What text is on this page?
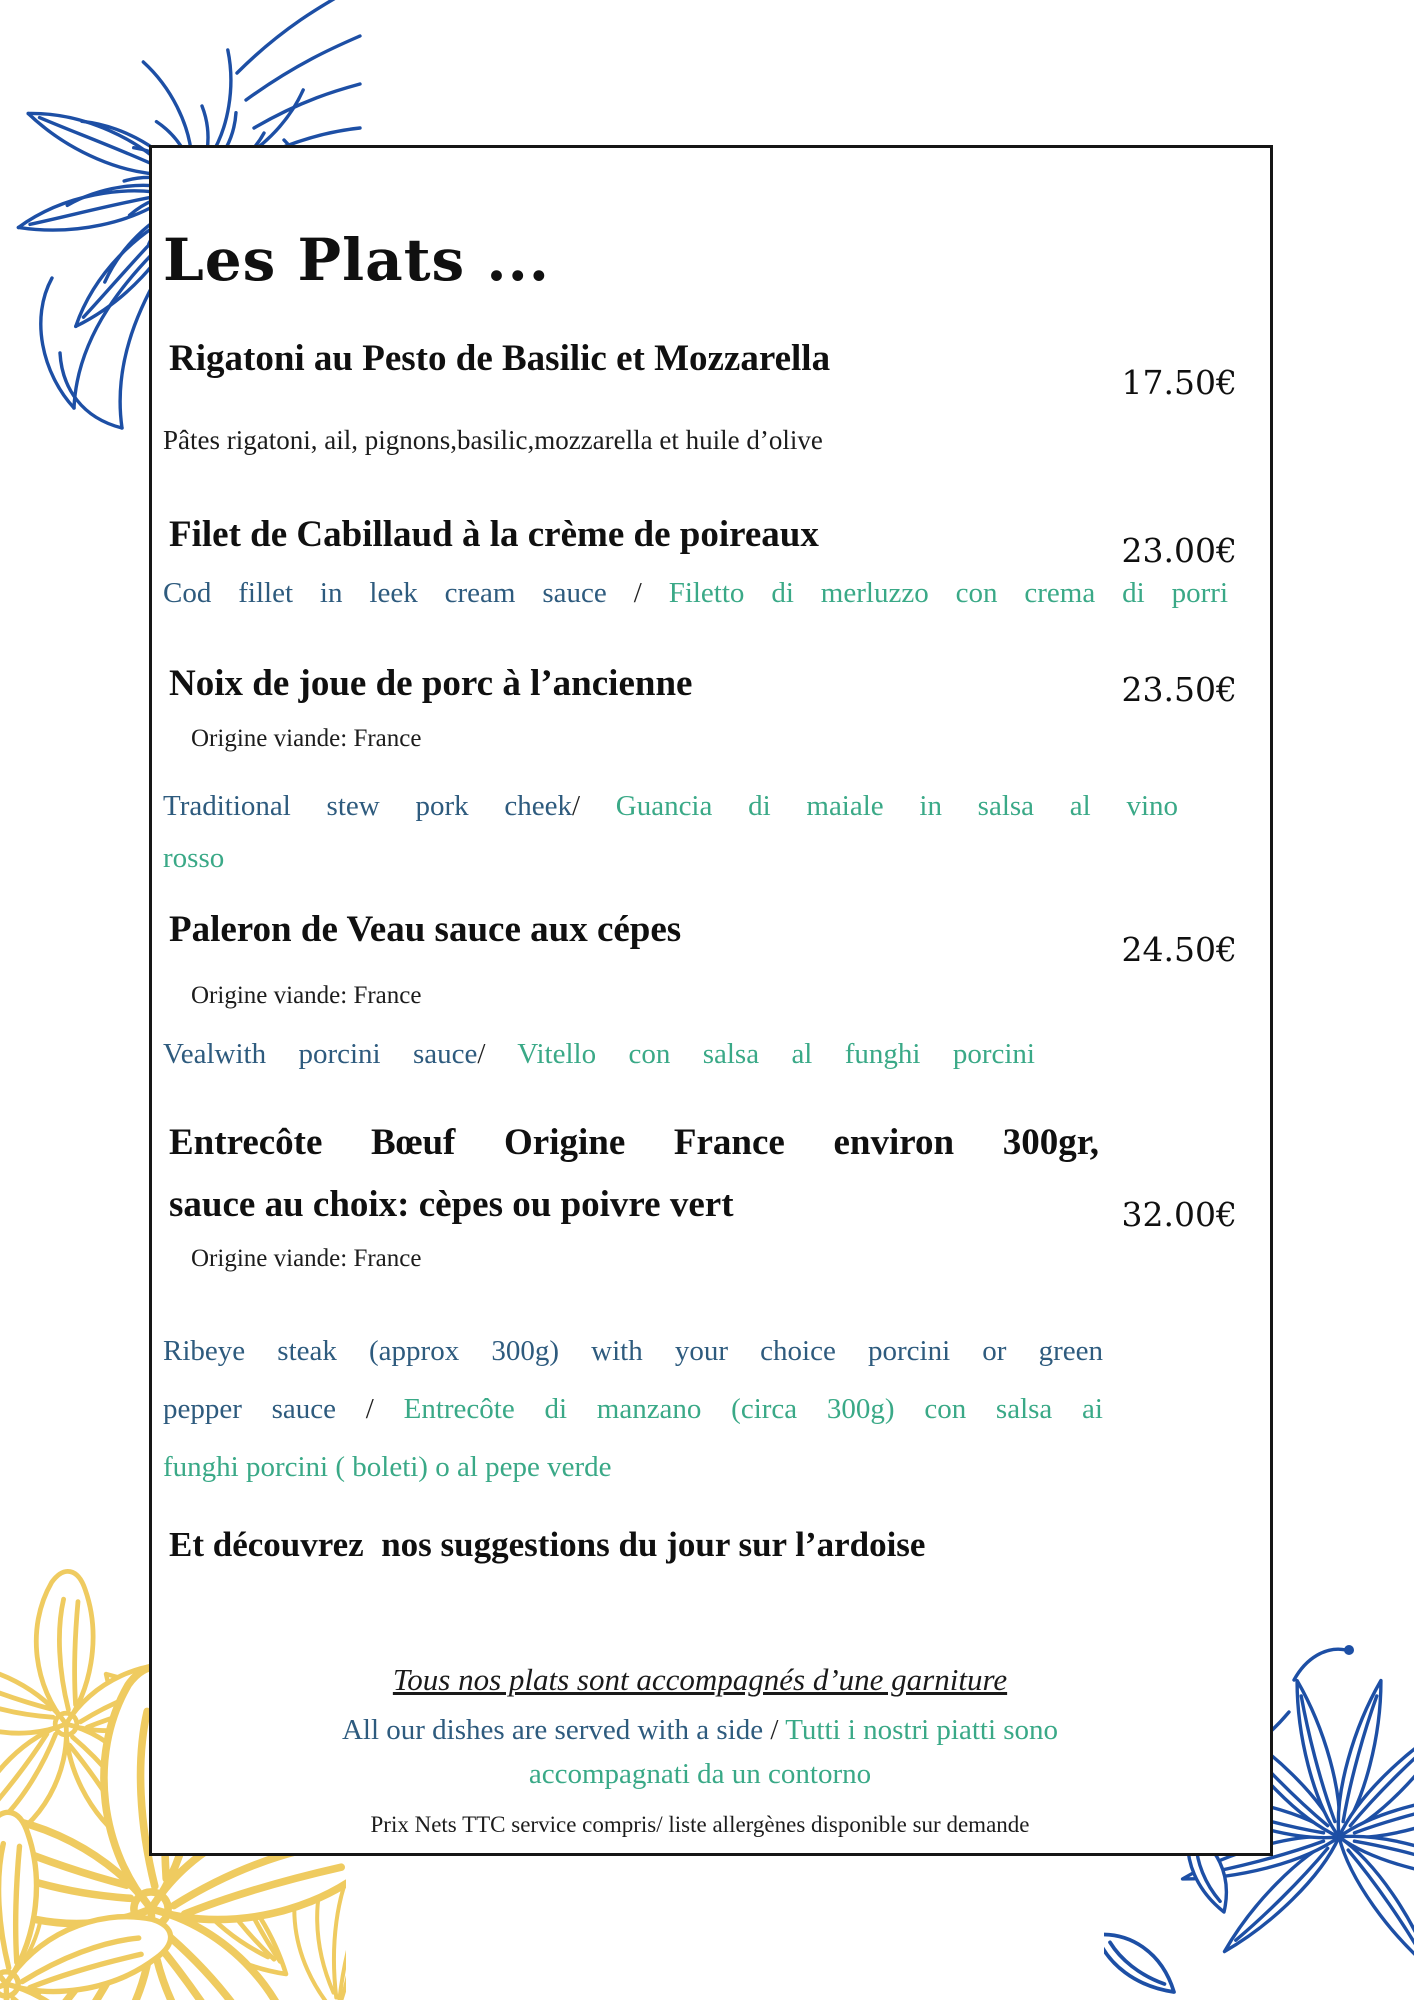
Les Plats ...
Rigatoni au Pesto de Basilic et Mozzarella
17.50€
Pâtes rigatoni, ail, pignons,basilic,mozzarella et huile d’olive
Filet de Cabillaud à la crème de poireaux	23.00€
Cod fillet in leek cream sauce / Filetto di merluzzo con crema di porri
Noix de joue de porc à l’ancienne	23.50€
Origine viande: France
Traditional stew pork cheek/ Guancia di maiale in salsa al vino
rosso
Paleron de Veau sauce aux cépes	24.50€
Origine viande: France
Vealwith porcini sauce/ Vitello con salsa al funghi porcini
Entrecôte Bœuf Origine France environ 300gr,
sauce au choix: cèpes ou poivre vert	32.00€
Origine viande: France
Ribeye steak (approx 300g) with your choice porcini or green
pepper sauce / Entrecôte di manzano (circa 300g) con salsa ai
funghi porcini ( boleti) o al pepe verde
Et découvrez  nos suggestions du jour sur l’ardoise
Tous nos plats sont accompagnés d’une garniture
All our dishes are served with a side / Tutti i nostri piatti sono
accompagnati da un contorno
Prix Nets TTC service compris/ liste allergènes disponible sur demande
